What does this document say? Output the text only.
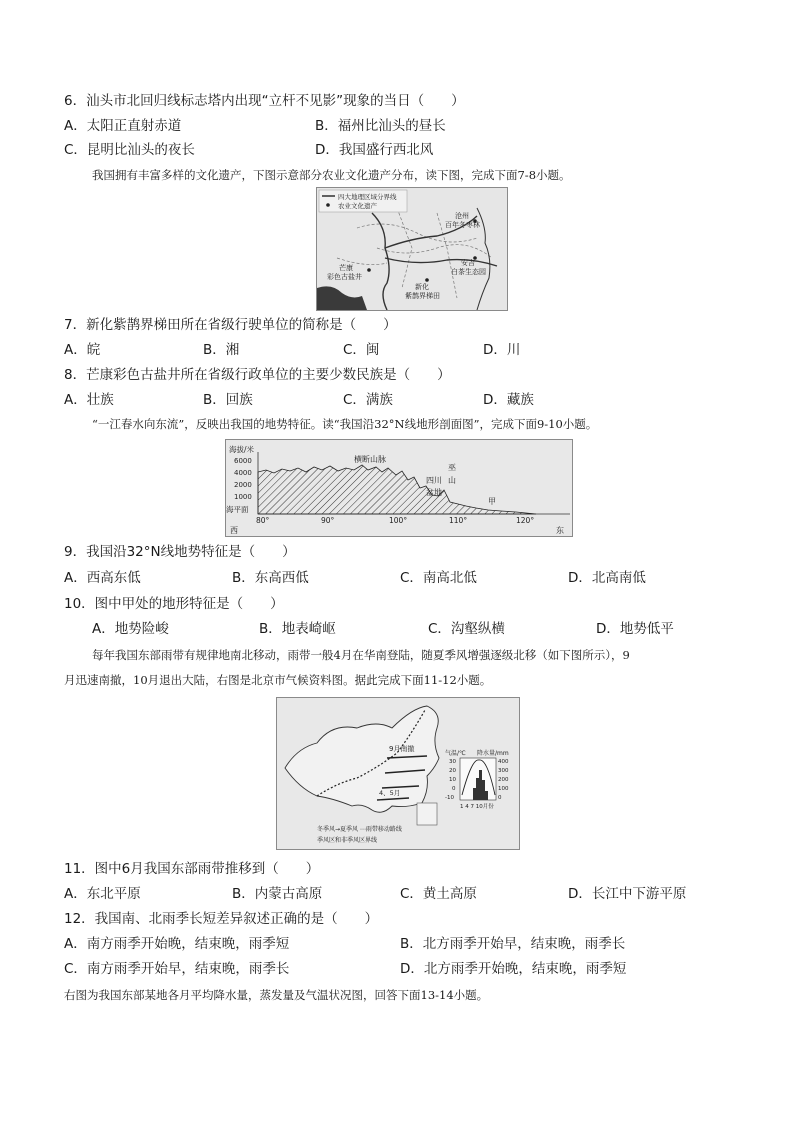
6．汕头市北回归线标志塔内出现“立杆不见影”现象的当日（　　）
A．太阳正直射赤道	B．福州比汕头的昼长
C．昆明比汕头的夜长	D．我国盛行西北风
我国拥有丰富多样的文化遗产，下图示意部分农业文化遗产分布，读下图，完成下面7-8小题。
四大地理区域分界线
农业文化遗产
沧州
百年冬枣林
芒康
彩色古盐井
安吉
白茶生态园
新化
紫鹊界梯田
7．新化紫鹊界梯田所在省级行驶单位的简称是（　　）
A．皖	B．湘	C．闽	D．川
8．芒康彩色古盐井所在省级行政单位的主要少数民族是（　　）
A．壮族	B．回族	C．满族	D．藏族
“一江春水向东流”，反映出我国的地势特征。读“我国沿32°N线地形剖面图”，完成下面9-10小题。
海拔/米
6000
4000
2000
1000
海平面
横断山脉
四川
盆地
巫
山
甲
80°	90°	100°	110°	120°
西	东
9．我国沿32°N线地势特征是（　　）
A．西高东低	B．东高西低	C．南高北低	D．北高南低
10．图中甲处的地形特征是（　　）
A．地势险峻	B．地表崎岖	C．沟壑纵横	D．地势低平
每年我国东部雨带有规律地南北移动，雨带一般4月在华南登陆，随夏季风增强逐级北移（如下图所示），9
月迅速南撤，10月退出大陆，右图是北京市气候资料图。据此完成下面11-12小题。
9月南撤
4、5月
气温/℃ 降水量/mm
30
20
10
0
-10
400
300
200
100
0
1 4 7 10月份
冬季风→夏季风 ⋯雨带移动路线
季风区和非季风区界线
11．图中6月我国东部雨带推移到（　　）
A．东北平原	B．内蒙古高原	C．黄土高原	D．长江中下游平原
12．我国南、北雨季长短差异叙述正确的是（　　）
A．南方雨季开始晚，结束晚，雨季短	B．北方雨季开始早，结束晚，雨季长
C．南方雨季开始早，结束晚，雨季长	D．北方雨季开始晚，结束晚，雨季短
右图为我国东部某地各月平均降水量，蒸发量及气温状况图，回答下面13-14小题。
